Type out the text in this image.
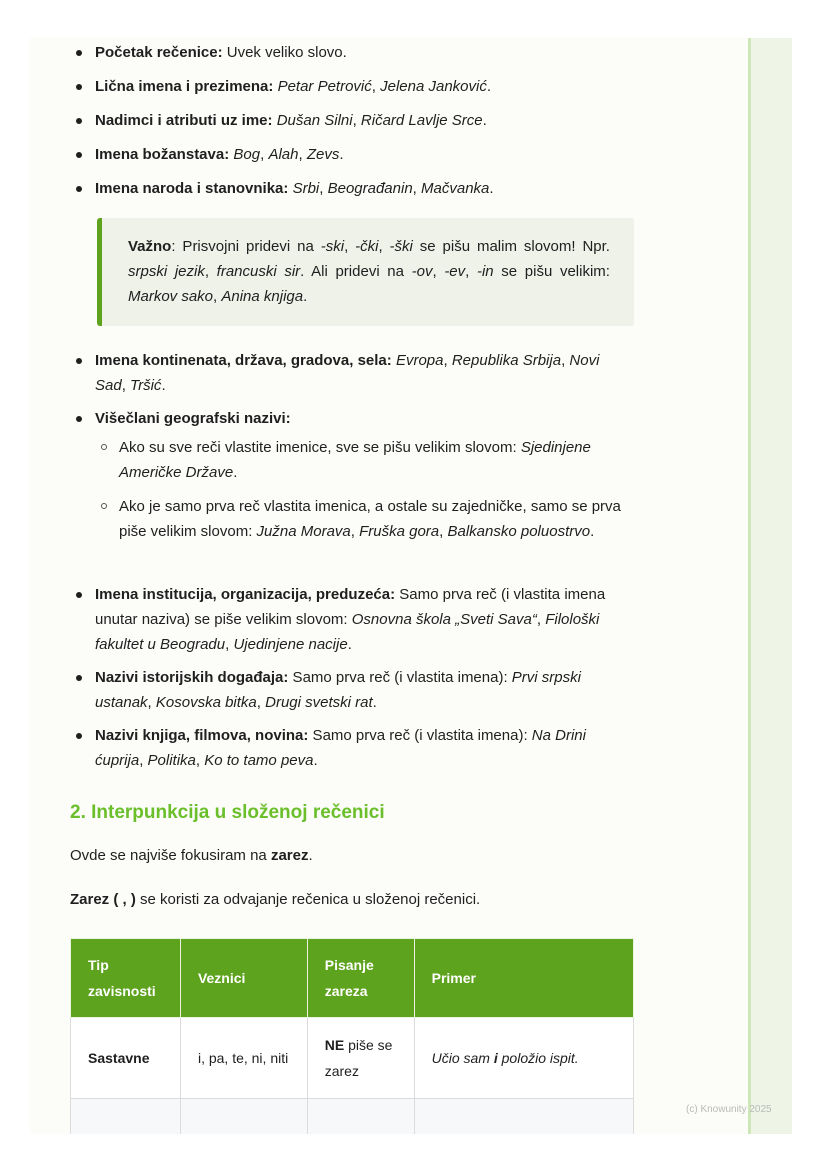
Početak rečenice: Uvek veliko slovo.
Lična imena i prezimena: Petar Petrović, Jelena Janković.
Nadimci i atributi uz ime: Dušan Silni, Ričard Lavlje Srce.
Imena božanstava: Bog, Alah, Zevs.
Imena naroda i stanovnika: Srbi, Beograđanin, Mačvanka.
Važno: Prisvojni pridevi na -ski, -čki, -ški se pišu malim slovom! Npr. srpski jezik, francuski sir. Ali pridevi na -ov, -ev, -in se pišu velikim: Markov sako, Anina knjiga.
Imena kontinenata, država, gradova, sela: Evropa, Republika Srbija, Novi Sad, Tršić.
Višečlani geografski nazivi:
Ako su sve reči vlastite imenice, sve se pišu velikim slovom: Sjedinjene Američke Države.
Ako je samo prva reč vlastita imenica, a ostale su zajedničke, samo se prva piše velikim slovom: Južna Morava, Fruška gora, Balkansko poluostrvo.
Imena institucija, organizacija, preduzeća: Samo prva reč (i vlastita imena unutar naziva) se piše velikim slovom: Osnovna škola „Sveti Sava“, Filološki fakultet u Beogradu, Ujedinjene nacije.
Nazivi istorijskih događaja: Samo prva reč (i vlastita imena): Prvi srpski ustanak, Kosovska bitka, Drugi svetski rat.
Nazivi knjiga, filmova, novina: Samo prva reč (i vlastita imena): Na Drini ćuprija, Politika, Ko to tamo peva.
2. Interpunkcija u složenoj rečenici

Ovde se najviše fokusiram na zarez.

Zarez ( , ) se koristi za odvajanje rečenica u složenoj rečenici.

Tip zavisnosti	Veznici	Pisanje zareza	Primer
Sastavne	i, pa, te, ni, niti	NE piše se zarez	Učio sam i položio ispit.

(c) Knowunity 2025
